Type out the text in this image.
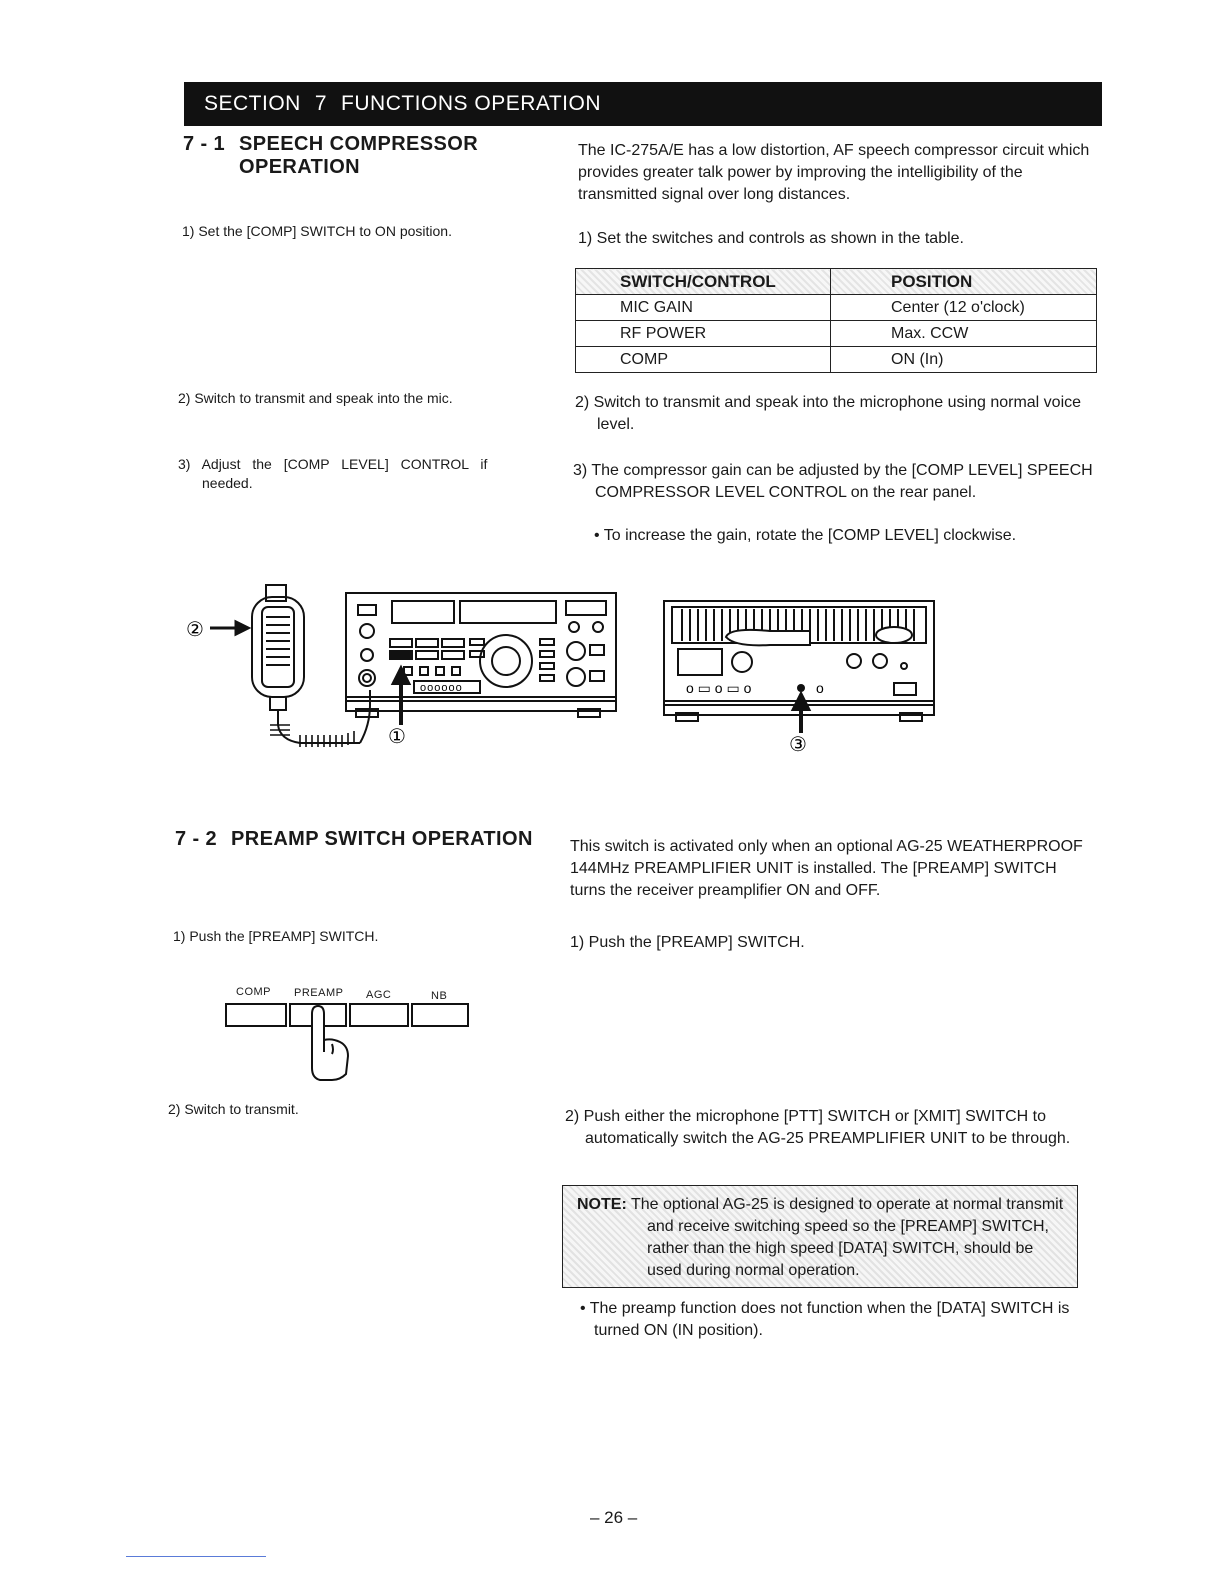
SECTION 7 FUNCTIONS OPERATION
7 - 1 SPEECH COMPRESSOR
OPERATION
The IC-275A/E has a low distortion, AF speech compressor circuit which provides greater talk power by improving the intelligibility of the transmitted signal over long distances.
1) Set the [COMP] SWITCH to ON position.
2) Switch to transmit and speak into the mic.
3) Adjust the [COMP LEVEL] CONTROL if needed.
1) Set the switches and controls as shown in the table.
SWITCH/CONTROL	POSITION
MIC GAIN	Center (12 o'clock)
RF POWER	Max. CCW
COMP	ON (In)
2) Switch to transmit and speak into the microphone using normal voice level.
3) The compressor gain can be adjusted by the [COMP LEVEL] SPEECH COMPRESSOR LEVEL CONTROL on the rear panel.
• To increase the gain, rotate the [COMP LEVEL] clockwise.
②
oooooo
①
o ▭ o ▭ o	o
③
7 - 2 PREAMP SWITCH OPERATION This switch is activated only when an optional AG-25 WEATHERPROOF 144MHz PREAMPLIFIER UNIT is installed. The [PREAMP] SWITCH turns the receiver preamplifier ON and OFF.
1) Push the [PREAMP] SWITCH.
COMP PREAMP AGC	NB
2) Switch to transmit.
1) Push the [PREAMP] SWITCH.
2) Push either the microphone [PTT] SWITCH or [XMIT] SWITCH to automatically switch the AG-25 PREAMPLIFIER UNIT to be through.
NOTE: The optional AG-25 is designed to operate at normal transmit and receive switching speed so the [PREAMP] SWITCH, rather than the high speed [DATA] SWITCH, should be used during normal operation.
• The preamp function does not function when the [DATA] SWITCH is turned ON (IN position).
– 26 –
